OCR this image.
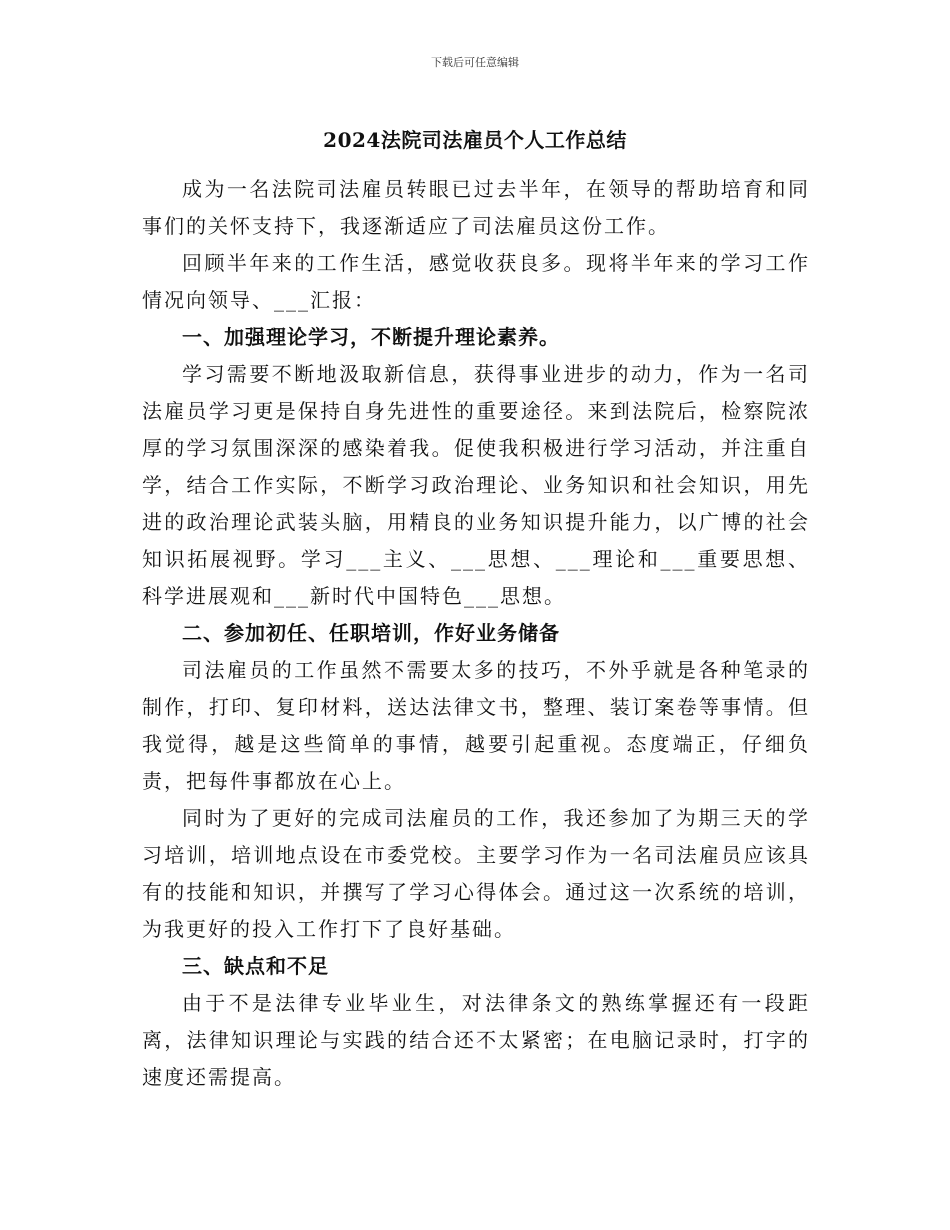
下载后可任意编辑
2024法院司法雇员个人工作总结

成为一名法院司法雇员转眼已过去半年，在领导的帮助培育和同事们的关怀支持下，我逐渐适应了司法雇员这份工作。

回顾半年来的工作生活，感觉收获良多。现将半年来的学习工作情况向领导、___汇报：

一、加强理论学习，不断提升理论素养。

学习需要不断地汲取新信息，获得事业进步的动力，作为一名司法雇员学习更是保持自身先进性的重要途径。来到法院后，检察院浓厚的学习氛围深深的感染着我。促使我积极进行学习活动，并注重自学，结合工作实际，不断学习政治理论、业务知识和社会知识，用先进的政治理论武装头脑，用精良的业务知识提升能力，以广博的社会知识拓展视野。学习___主义、___思想、___理论和___重要思想、科学进展观和___新时代中国特色___思想。

二、参加初任、任职培训，作好业务储备

司法雇员的工作虽然不需要太多的技巧，不外乎就是各种笔录的制作，打印、复印材料，送达法律文书，整理、装订案卷等事情。但我觉得，越是这些简单的事情，越要引起重视。态度端正，仔细负责，把每件事都放在心上。

同时为了更好的完成司法雇员的工作，我还参加了为期三天的学习培训，培训地点设在市委党校。主要学习作为一名司法雇员应该具有的技能和知识，并撰写了学习心得体会。通过这一次系统的培训，为我更好的投入工作打下了良好基础。

三、缺点和不足

由于不是法律专业毕业生，对法律条文的熟练掌握还有一段距离，法律知识理论与实践的结合还不太紧密；在电脑记录时，打字的速度还需提高。
